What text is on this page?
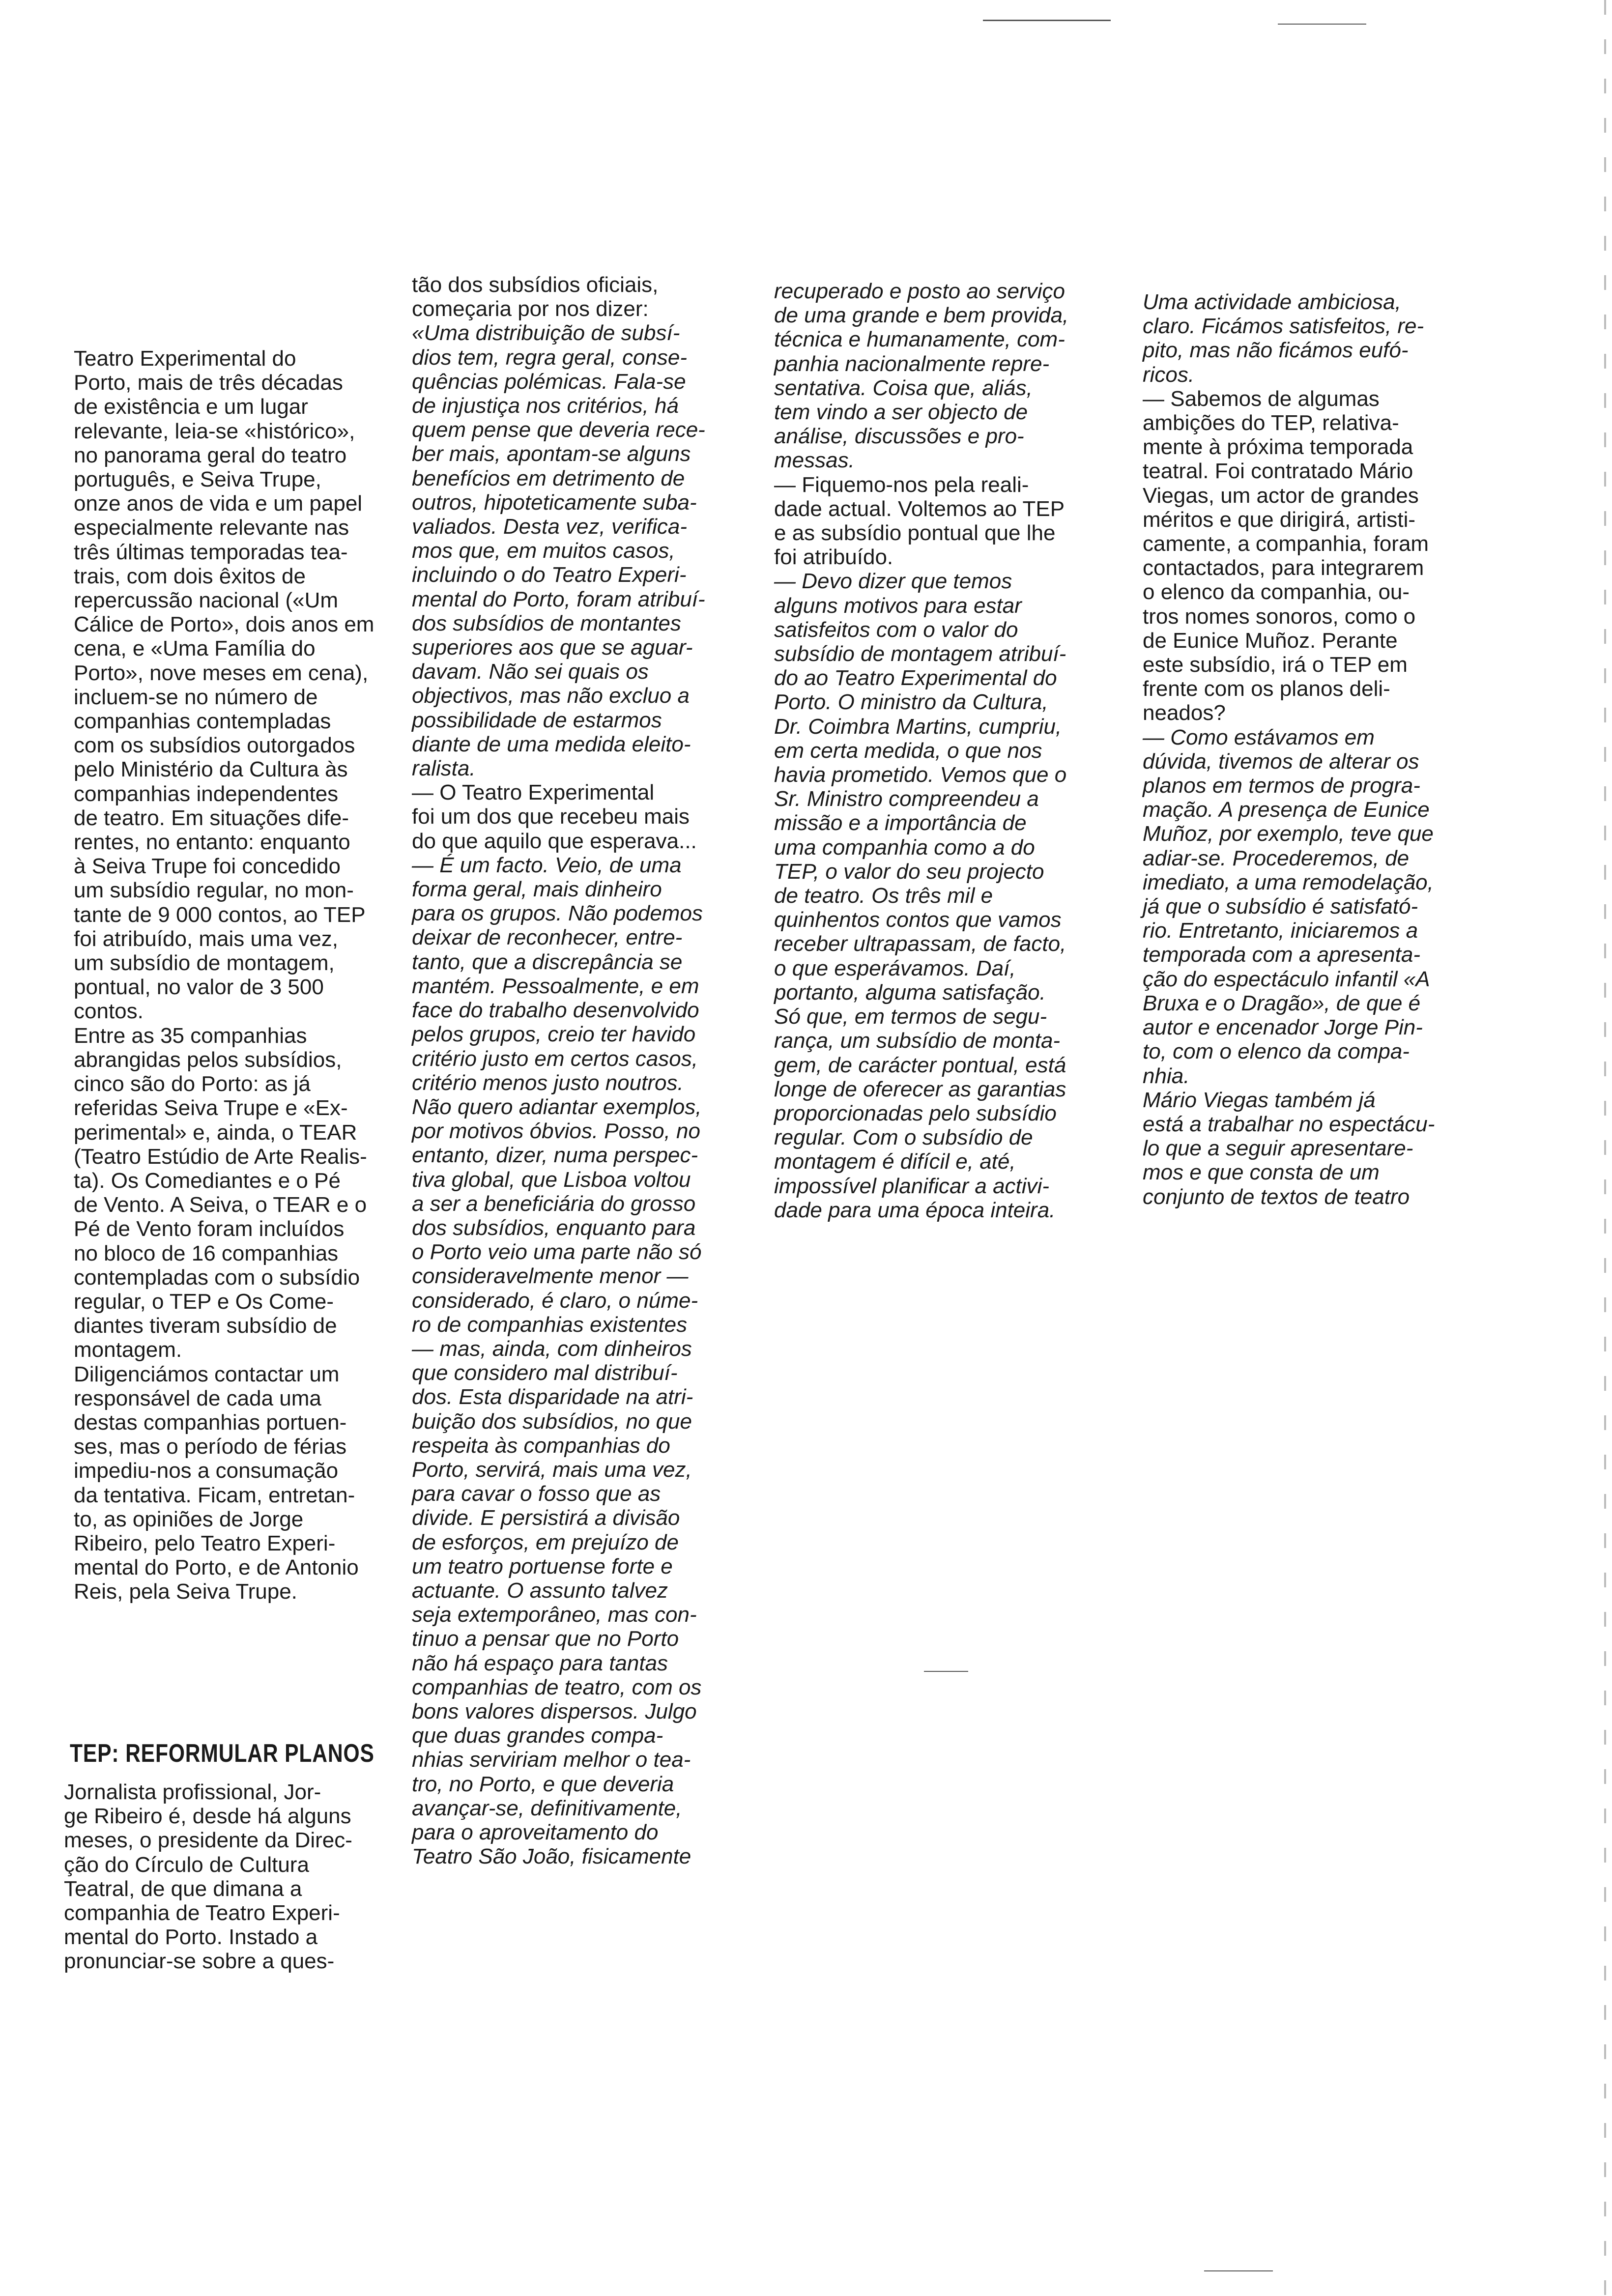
Teatro Experimental do

Porto, mais de três décadas

de existência e um lugar

relevante, leia-se «histórico»,

no panorama geral do teatro

português, e Seiva Trupe,

onze anos de vida e um papel

especialmente relevante nas

três últimas temporadas tea-

trais, com dois êxitos de

repercussão nacional («Um

Cálice de Porto», dois anos em

cena, e «Uma Família do

Porto», nove meses em cena),

incluem-se no número de

companhias contempladas

com os subsídios outorgados

pelo Ministério da Cultura às

companhias independentes

de teatro. Em situações dife-

rentes, no entanto: enquanto

à Seiva Trupe foi concedido

um subsídio regular, no mon-

tante de 9 000 contos, ao TEP

foi atribuído, mais uma vez,

um subsídio de montagem,

pontual, no valor de 3 500

contos.

Entre as 35 companhias

abrangidas pelos subsídios,

cinco são do Porto: as já

referidas Seiva Trupe e «Ex-

perimental» e, ainda, o TEAR

(Teatro Estúdio de Arte Realis-

ta). Os Comediantes e o Pé

de Vento. A Seiva, o TEAR e o

Pé de Vento foram incluídos

no bloco de 16 companhias

contempladas com o subsídio

regular, o TEP e Os Come-

diantes tiveram subsídio de

montagem.

Diligenciámos contactar um

responsável de cada uma

destas companhias portuen-

ses, mas o período de férias

impediu-nos a consumação

da tentativa. Ficam, entretan-

to, as opiniões de Jorge

Ribeiro, pelo Teatro Experi-

mental do Porto, e de Antonio

Reis, pela Seiva Trupe.

TEP: REFORMULAR PLANOS

Jornalista profissional, Jor-

ge Ribeiro é, desde há alguns

meses, o presidente da Direc-

ção do Círculo de Cultura

Teatral, de que dimana a

companhia de Teatro Experi-

mental do Porto. Instado a

pronunciar-se sobre a ques-

tão dos subsídios oficiais,

começaria por nos dizer:

«Uma distribuição de subsí-

dios tem, regra geral, conse-

quências polémicas. Fala-se

de injustiça nos critérios, há

quem pense que deveria rece-

ber mais, apontam-se alguns

benefícios em detrimento de

outros, hipoteticamente suba-

valiados. Desta vez, verifica-

mos que, em muitos casos,

incluindo o do Teatro Experi-

mental do Porto, foram atribuí-

dos subsídios de montantes

superiores aos que se aguar-

davam. Não sei quais os

objectivos, mas não excluo a

possibilidade de estarmos

diante de uma medida eleito-

ralista.

— O Teatro Experimental

foi um dos que recebeu mais

do que aquilo que esperava...

— É um facto. Veio, de uma

forma geral, mais dinheiro

para os grupos. Não podemos

deixar de reconhecer, entre-

tanto, que a discrepância se

mantém. Pessoalmente, e em

face do trabalho desenvolvido

pelos grupos, creio ter havido

critério justo em certos casos,

critério menos justo noutros.

Não quero adiantar exemplos,

por motivos óbvios. Posso, no

entanto, dizer, numa perspec-

tiva global, que Lisboa voltou

a ser a beneficiária do grosso

dos subsídios, enquanto para

o Porto veio uma parte não só

consideravelmente menor —

considerado, é claro, o núme-

ro de companhias existentes

— mas, ainda, com dinheiros

que considero mal distribuí-

dos. Esta disparidade na atri-

buição dos subsídios, no que

respeita às companhias do

Porto, servirá, mais uma vez,

para cavar o fosso que as

divide. E persistirá a divisão

de esforços, em prejuízo de

um teatro portuense forte e

actuante. O assunto talvez

seja extemporâneo, mas con-

tinuo a pensar que no Porto

não há espaço para tantas

companhias de teatro, com os

bons valores dispersos. Julgo

que duas grandes compa-

nhias serviriam melhor o tea-

tro, no Porto, e que deveria

avançar-se, definitivamente,

para o aproveitamento do

Teatro São João, fisicamente

recuperado e posto ao serviço

de uma grande e bem provida,

técnica e humanamente, com-

panhia nacionalmente repre-

sentativa. Coisa que, aliás,

tem vindo a ser objecto de

análise, discussões e pro-

messas.

— Fiquemo-nos pela reali-

dade actual. Voltemos ao TEP

e as subsídio pontual que lhe

foi atribuído.

— Devo dizer que temos

alguns motivos para estar

satisfeitos com o valor do

subsídio de montagem atribuí-

do ao Teatro Experimental do

Porto. O ministro da Cultura,

Dr. Coimbra Martins, cumpriu,

em certa medida, o que nos

havia prometido. Vemos que o

Sr. Ministro compreendeu a

missão e a importância de

uma companhia como a do

TEP, o valor do seu projecto

de teatro. Os três mil e

quinhentos contos que vamos

receber ultrapassam, de facto,

o que esperávamos. Daí,

portanto, alguma satisfação.

Só que, em termos de segu-

rança, um subsídio de monta-

gem, de carácter pontual, está

longe de oferecer as garantias

proporcionadas pelo subsídio

regular. Com o subsídio de

montagem é difícil e, até,

impossível planificar a activi-

dade para uma época inteira.

Uma actividade ambiciosa,

claro. Ficámos satisfeitos, re-

pito, mas não ficámos eufó-

ricos.

— Sabemos de algumas

ambições do TEP, relativa-

mente à próxima temporada

teatral. Foi contratado Mário

Viegas, um actor de grandes

méritos e que dirigirá, artisti-

camente, a companhia, foram

contactados, para integrarem

o elenco da companhia, ou-

tros nomes sonoros, como o

de Eunice Muñoz. Perante

este subsídio, irá o TEP em

frente com os planos deli-

neados?

— Como estávamos em

dúvida, tivemos de alterar os

planos em termos de progra-

mação. A presença de Eunice

Muñoz, por exemplo, teve que

adiar-se. Procederemos, de

imediato, a uma remodelação,

já que o subsídio é satisfató-

rio. Entretanto, iniciaremos a

temporada com a apresenta-

ção do espectáculo infantil «A

Bruxa e o Dragão», de que é

autor e encenador Jorge Pin-

to, com o elenco da compa-

nhia.

Mário Viegas também já

está a trabalhar no espectácu-

lo que a seguir apresentare-

mos e que consta de um

conjunto de textos de teatro
